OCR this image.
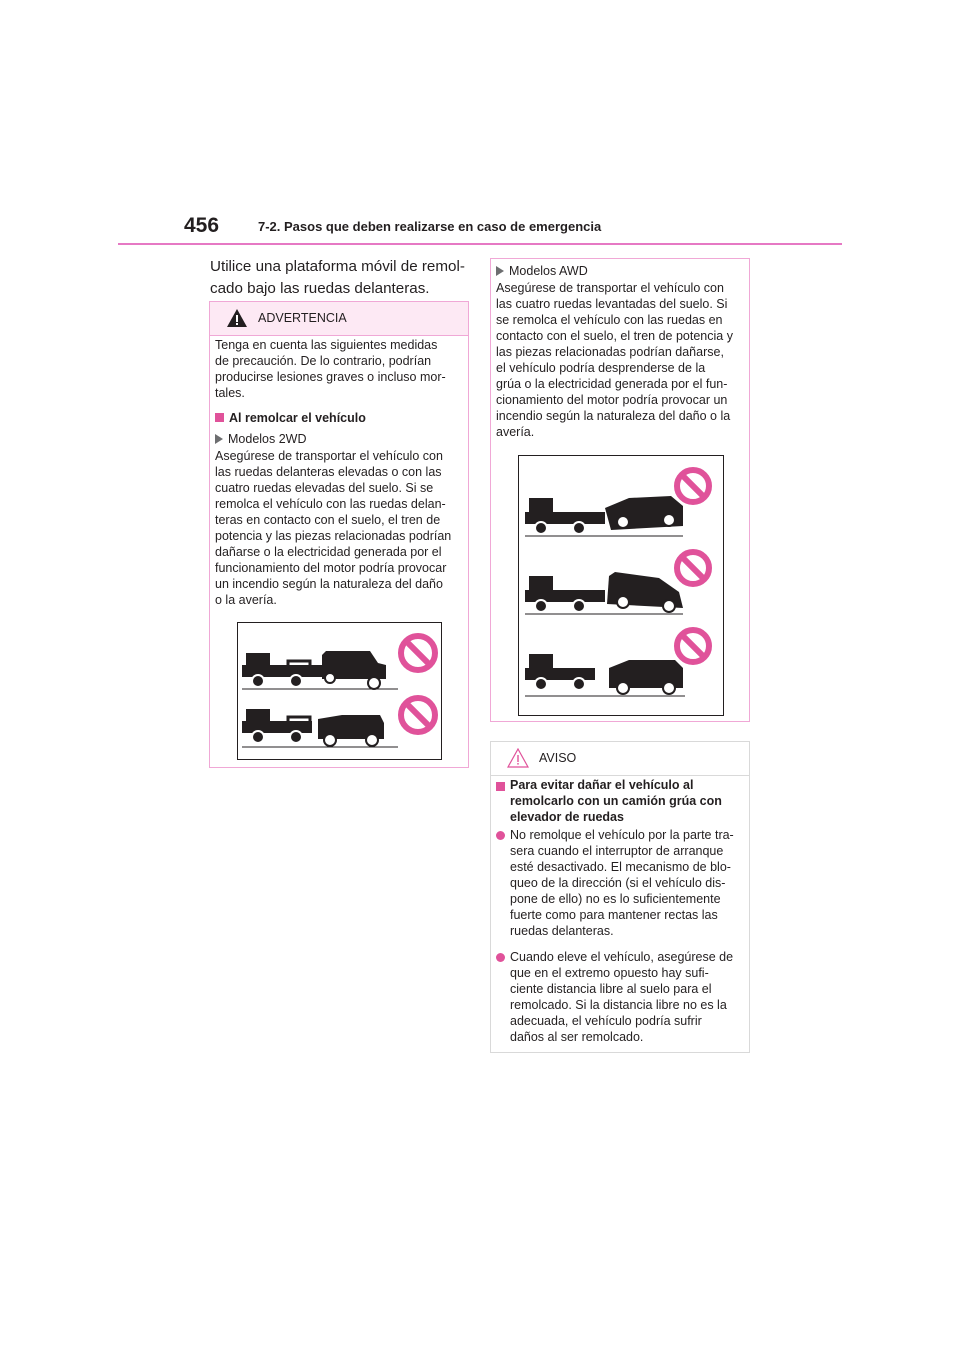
456	7-2. Pasos que deben realizarse en caso de emergencia
Utilice una plataforma móvil de remol-
cado bajo las ruedas delanteras.
ADVERTENCIA
Tenga en cuenta las siguientes medidas
de precaución. De lo contrario, podrían
producirse lesiones graves o incluso mor-
tales.
Al remolcar el vehículo
Modelos 2WD
Asegúrese de transportar el vehículo con
las ruedas delanteras elevadas o con las
cuatro ruedas elevadas del suelo. Si se
remolca el vehículo con las ruedas delan-
teras en contacto con el suelo, el tren de
potencia y las piezas relacionadas podrían
dañarse o la electricidad generada por el
funcionamiento del motor podría provocar
un incendio según la naturaleza del daño
o la avería.
Modelos AWD
Asegúrese de transportar el vehículo con
las cuatro ruedas levantadas del suelo. Si
se remolca el vehículo con las ruedas en
contacto con el suelo, el tren de potencia y
las piezas relacionadas podrían dañarse,
el vehículo podría desprenderse de la
grúa o la electricidad generada por el fun-
cionamiento del motor podría provocar un
incendio según la naturaleza del daño o la
avería.
AVISO
Para evitar dañar el vehículo al
remolcarlo con un camión grúa con
elevador de ruedas
No remolque el vehículo por la parte tra-
sera cuando el interruptor de arranque
esté desactivado. El mecanismo de blo-
queo de la dirección (si el vehículo dis-
pone de ello) no es lo suficientemente
fuerte como para mantener rectas las
ruedas delanteras.
Cuando eleve el vehículo, asegúrese de
que en el extremo opuesto hay sufi-
ciente distancia libre al suelo para el
remolcado. Si la distancia libre no es la
adecuada, el vehículo podría sufrir
daños al ser remolcado.
